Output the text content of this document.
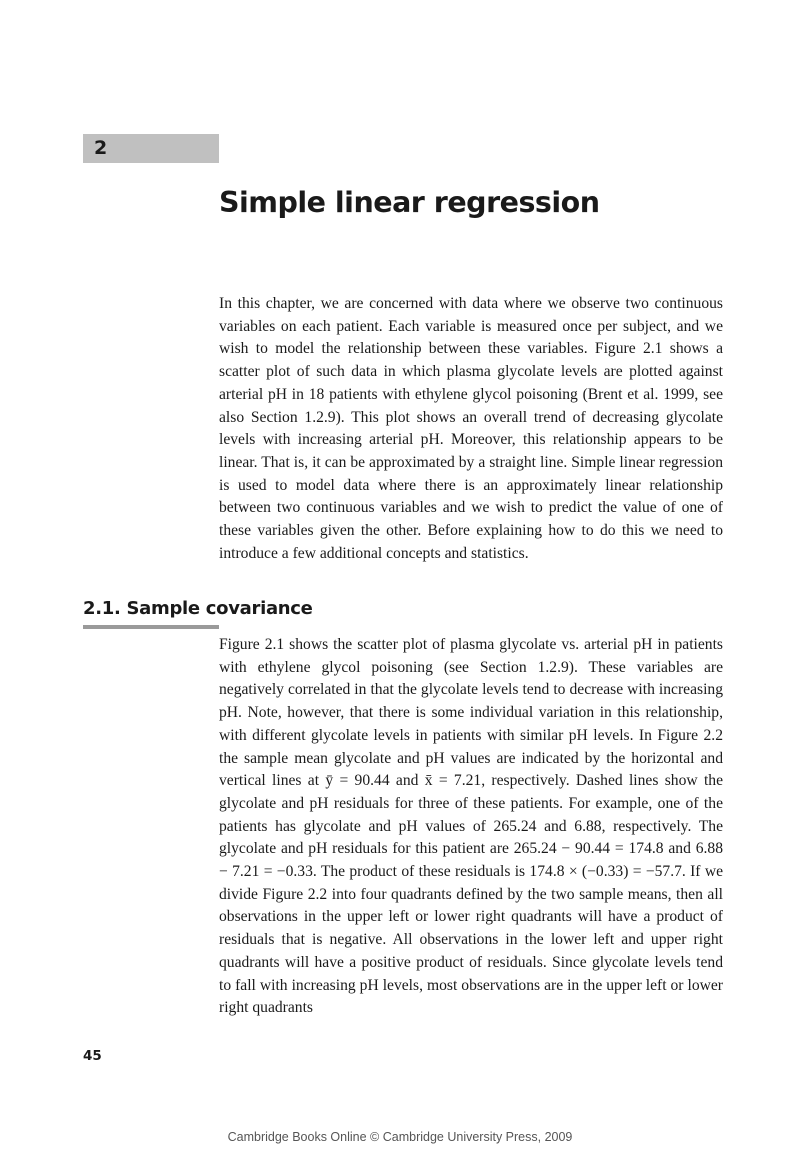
2
Simple linear regression

In this chapter, we are concerned with data where we observe two continuous variables on each patient. Each variable is measured once per subject, and we wish to model the relationship between these variables. Figure 2.1 shows a scatter plot of such data in which plasma glycolate levels are plotted against arterial pH in 18 patients with ethylene glycol poisoning (Brent et al. 1999, see also Section 1.2.9). This plot shows an overall trend of decreasing glycolate levels with increasing arterial pH. Moreover, this relationship appears to be linear. That is, it can be approximated by a straight line. Simple linear regression is used to model data where there is an approximately linear relationship between two continuous variables and we wish to predict the value of one of these variables given the other. Before explaining how to do this we need to introduce a few additional concepts and statistics.

2.1. Sample covariance

Figure 2.1 shows the scatter plot of plasma glycolate vs. arterial pH in patients with ethylene glycol poisoning (see Section 1.2.9). These variables are negatively correlated in that the glycolate levels tend to decrease with increasing pH. Note, however, that there is some individual variation in this relationship, with different glycolate levels in patients with similar pH levels. In Figure 2.2 the sample mean glycolate and pH values are indicated by the horizontal and vertical lines at ȳ = 90.44 and x̄ = 7.21, respectively. Dashed lines show the glycolate and pH residuals for three of these patients. For example, one of the patients has glycolate and pH values of 265.24 and 6.88, respectively. The glycolate and pH residuals for this patient are 265.24 − 90.44 = 174.8 and 6.88 − 7.21 = −0.33. The product of these residuals is 174.8 × (−0.33) = −57.7. If we divide Figure 2.2 into four quadrants defined by the two sample means, then all observations in the upper left or lower right quadrants will have a product of residuals that is negative. All observations in the lower left and upper right quadrants will have a positive product of residuals. Since glycolate levels tend to fall with increasing pH levels, most observations are in the upper left or lower right quadrants

45
Cambridge Books Online © Cambridge University Press, 2009
